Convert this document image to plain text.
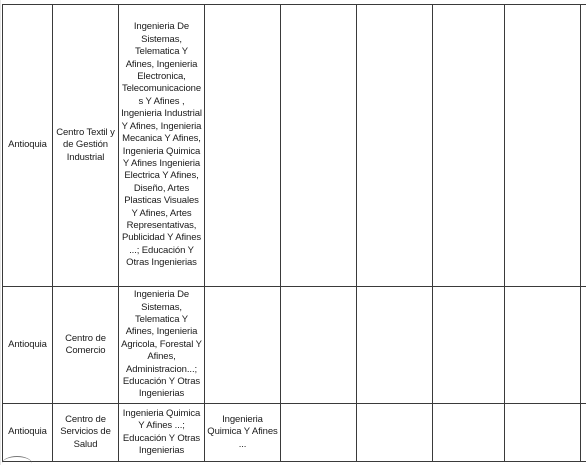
Antioquia	Centro Textil y de Gestión Industrial	Ingenieria De Sistemas, Telematica Y Afines, Ingenieria Electronica, Telecomunicaciones Y Afines , Ingenieria Industrial Y Afines, Ingenieria Mecanica Y Afines, Ingenieria Quimica Y Afines Ingenieria Electrica Y Afines, Diseño, Artes Plasticas Visuales Y Afines, Artes Representativas, Publicidad Y Afines ...; Educación Y Otras Ingenierias						
Antioquia	Centro de Comercio	Ingenieria De Sistemas, Telematica Y Afines, Ingenieria Agricola, Forestal Y Afines, Administracion...; Educación Y Otras Ingenierias						
Antioquia	Centro de Servicios de Salud	Ingenieria Quimica Y Afines ...; Educación Y Otras Ingenierias	Ingenieria Quimica Y Afines ...					
